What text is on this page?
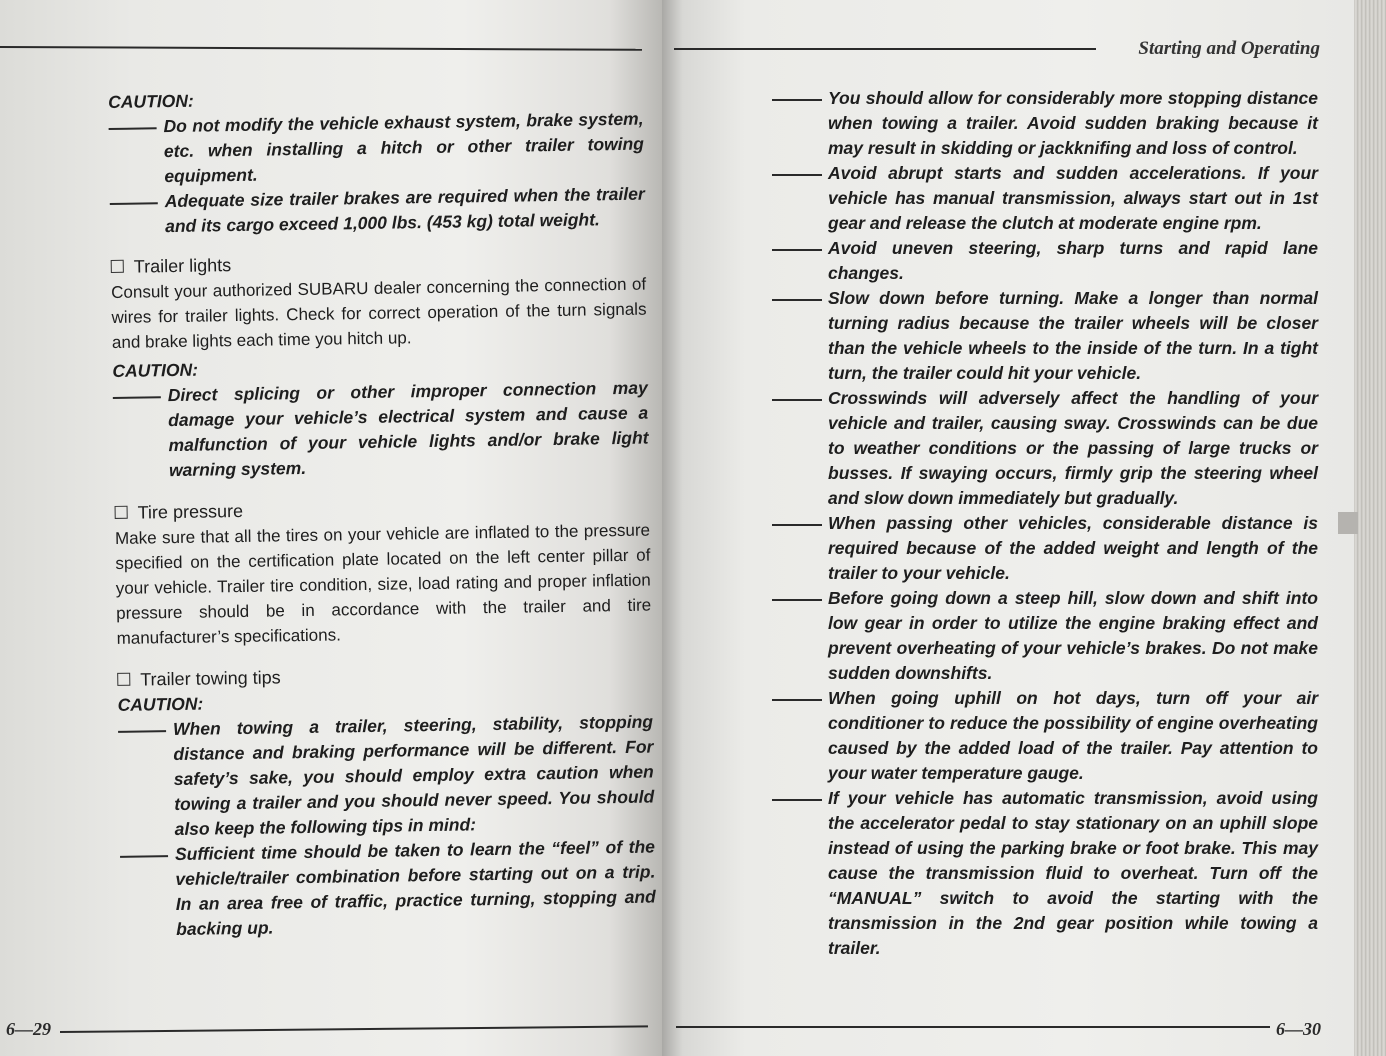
CAUTION:
Do not modify the vehicle exhaust system, brake system, etc. when installing a hitch or other trailer towing equipment.
Adequate size trailer brakes are required when the trailer and its cargo exceed 1,000 lbs. (453 kg) total weight.
Trailer lights
Consult your authorized SUBARU dealer concerning the connection of wires for trailer lights. Check for correct operation of the turn signals and brake lights each time you hitch up.
CAUTION:
Direct splicing or other improper connection may damage your vehicle’s electrical system and cause a malfunction of your vehicle lights and/or brake light warning system.
Tire pressure
Make sure that all the tires on your vehicle are inflated to the pressure specified on the certification plate located on the left center pillar of your vehicle. Trailer tire condition, size, load rating and proper inflation pressure should be in accordance with the trailer and tire manufacturer’s specifications.
Trailer towing tips
CAUTION:
When towing a trailer, steering, stability, stopping distance and braking performance will be different. For safety’s sake, you should employ extra caution when towing a trailer and you should never speed. You should also keep the following tips in mind:
Sufficient time should be taken to learn the “feel” of the vehicle/trailer combination before starting out on a trip. In an area free of traffic, practice turning, stopping and backing up.
6—29
Starting and Operating
You should allow for considerably more stopping distance when towing a trailer. Avoid sudden braking because it may result in skidding or jackknifing and loss of control.
Avoid abrupt starts and sudden accelerations. If your vehicle has manual transmission, always start out in 1st gear and release the clutch at moderate engine rpm.
Avoid uneven steering, sharp turns and rapid lane changes.
Slow down before turning. Make a longer than normal turning radius because the trailer wheels will be closer than the vehicle wheels to the inside of the turn. In a tight turn, the trailer could hit your vehicle.
Crosswinds will adversely affect the handling of your vehicle and trailer, causing sway. Crosswinds can be due to weather conditions or the passing of large trucks or busses. If swaying occurs, firmly grip the steering wheel and slow down immediately but gradually.
When passing other vehicles, considerable distance is required because of the added weight and length of the trailer to your vehicle.
Before going down a steep hill, slow down and shift into low gear in order to utilize the engine braking effect and prevent overheating of your vehicle’s brakes. Do not make sudden downshifts.
When going uphill on hot days, turn off your air conditioner to reduce the possibility of engine overheating caused by the added load of the trailer. Pay attention to your water temperature gauge.
If your vehicle has automatic transmission, avoid using the accelerator pedal to stay stationary on an uphill slope instead of using the parking brake or foot brake. This may cause the transmission fluid to overheat. Turn off the “MANUAL” switch to avoid the starting with the transmission in the 2nd gear position while towing a trailer.
6—30
